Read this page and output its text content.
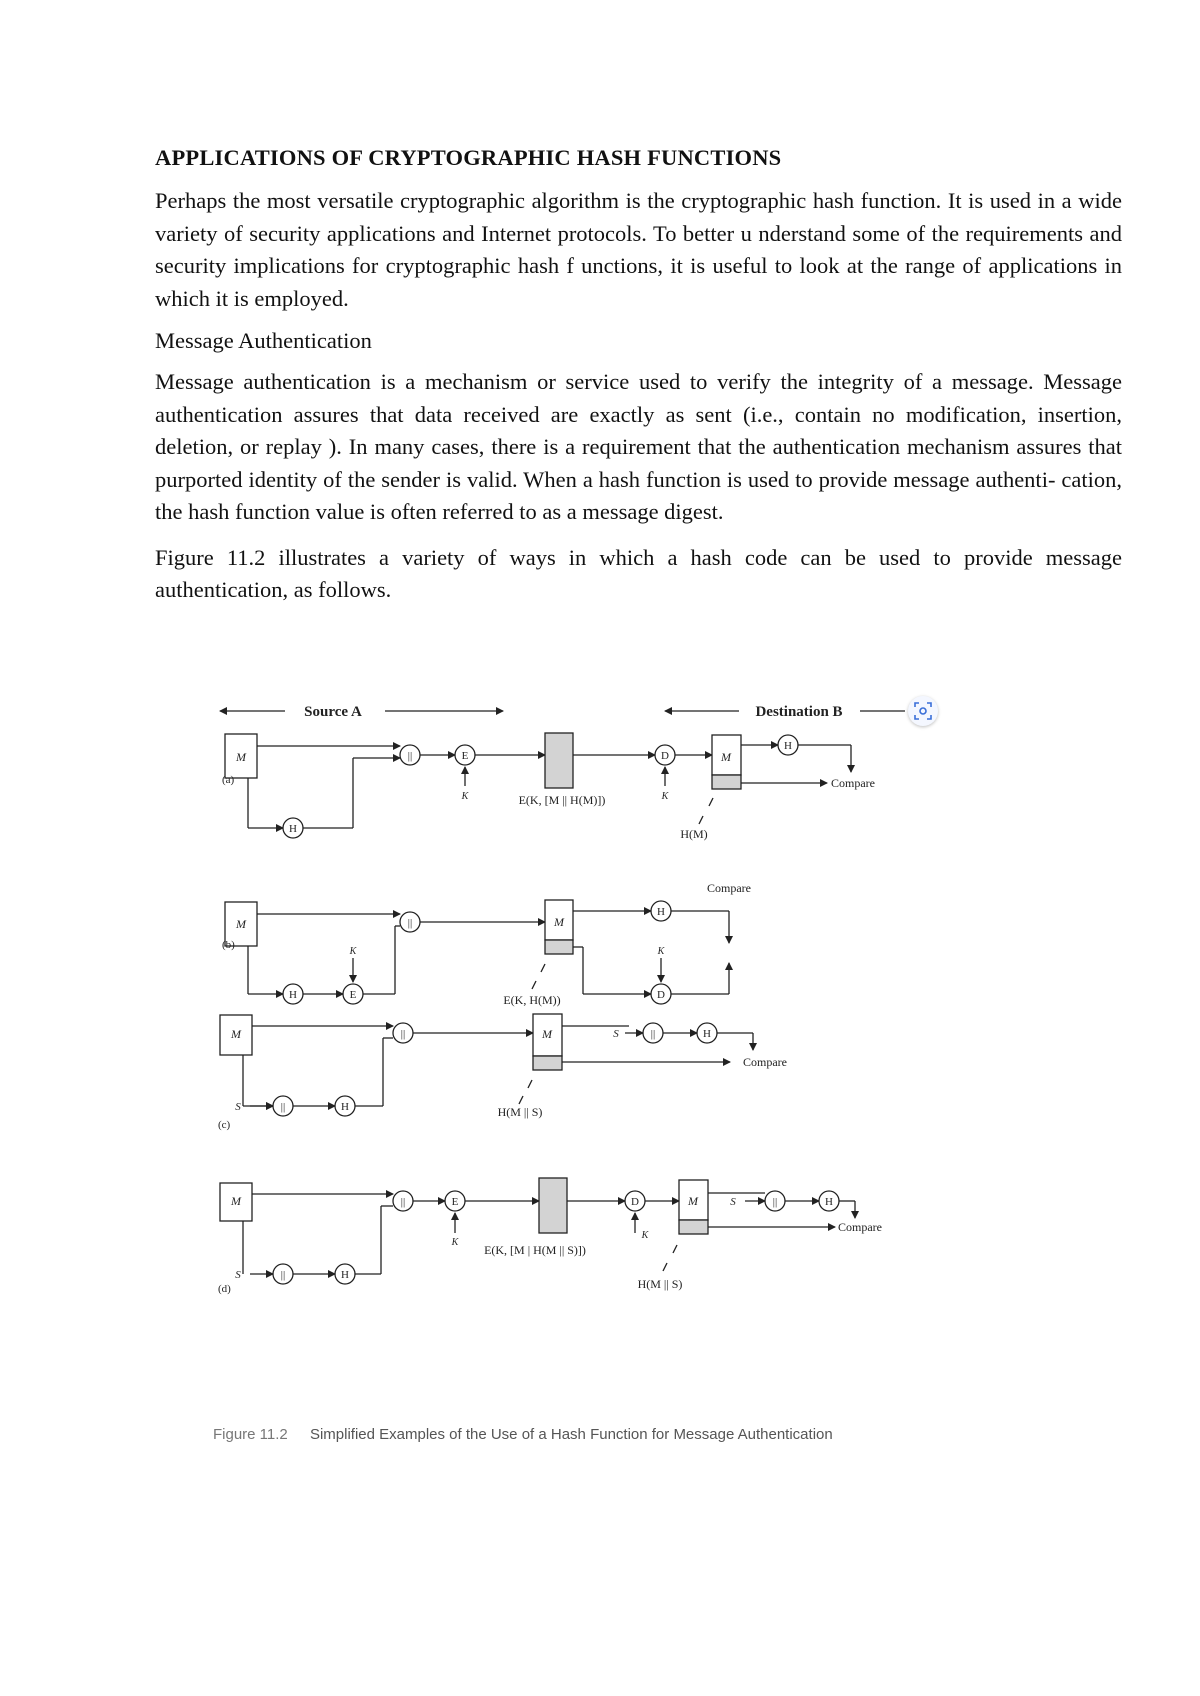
APPLICATIONS OF CRYPTOGRAPHIC HASH FUNCTIONS

Perhaps the most versatile cryptographic algorithm is the cryptographic hash function. It is used in a wide variety of security applications and Internet protocols. To better u nderstand some of the requirements and security implications for cryptographic hash f unctions, it is useful to look at the range of applications in which it is employed.

Message Authentication

Message authentication is a mechanism or service used to verify the integrity of a message. Message authentication assures that data received are exactly as sent (i.e., contain no modification, insertion, deletion, or replay ). In many cases, there is a requirement that the authentication mechanism assures that purported identity of the sender is valid. When a hash function is used to provide message authenti- cation, the hash function value is often referred to as a message digest.

Figure 11.2 illustrates a variety of ways in which a hash code can be used to provide message authentication, as follows.

Source A	Destination B
M	M
M	M
M	M
M	M
K	K
K	K
K
K
S
S
S
S
H
||	E	D
H
H	E
||
H
D
||	H
||	||	H
||	H
||	E	D	||	H
Compare
Compare
Compare
Compare
E(K, [M || H(M)])
H(M)
E(K, H(M))
H(M || S)
E(K, [M | H(M || S)])
H(M || S)
(a)
(b)
(c)
(d)
Figure 11.2 Simplified Examples of the Use of a Hash Function for Message Authentication
